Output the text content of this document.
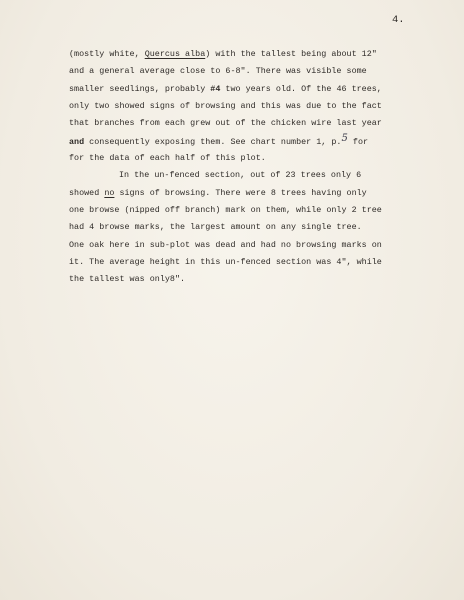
4.
(mostly white, Quercus alba) with the tallest being about 12"
and a general average close to 6-8". There was visible some
smaller seedlings, probably #4 two years old. Of the 46 trees,
only two showed signs of browsing and this was due to the fact
that branches from each grew out of the chicken wire last year
and consequently exposing them. See chart number 1, p.5 for
for the data of each half of this plot.
In the un-fenced section, out of 23 trees only 6
showed no signs of browsing. There were 8 trees having only
one browse (nipped off branch) mark on them, while only 2 tree
had 4 browse marks, the largest amount on any single tree.
One oak here in sub-plot was dead and had no browsing marks on
it. The average height in this un-fenced section was 4", while
the tallest was only8".
